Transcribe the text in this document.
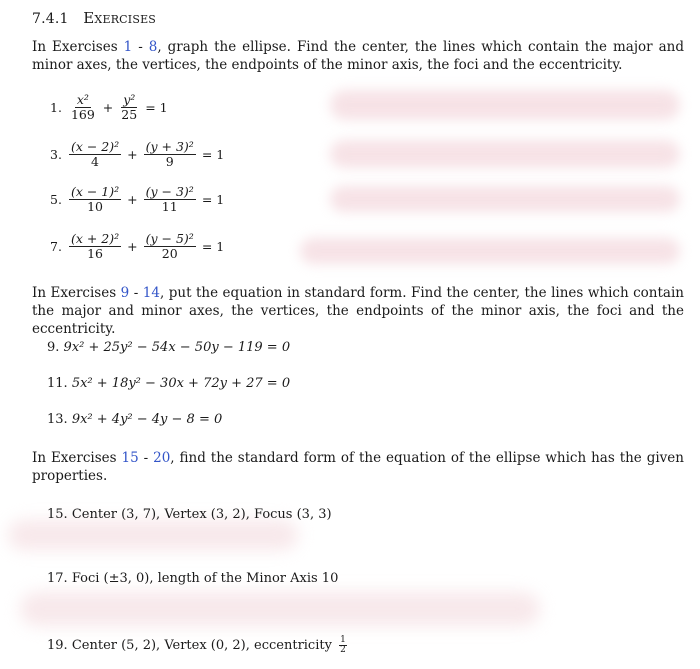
7.4.1 Exercises
In Exercises 1 - 8, graph the ellipse. Find the center, the lines which contain the major and minor axes, the vertices, the endpoints of the minor axis, the foci and the eccentricity.
1. $\frac{\text{x²}}{169} + \frac{\text{y²}}{25} = 1$
3. $\frac{\text{(x − 2)²}}{4} + \frac{\text{(y + 3)²}}{9} = 1$
5. $\frac{\text{(x − 1)²}}{10} + \frac{\text{(y − 3)²}}{11} = 1$
7. $\frac{\text{(x + 2)²}}{16} + \frac{\text{(y − 5)²}}{20} = 1$
In Exercises 9 - 14, put the equation in standard form. Find the center, the lines which contain the major and minor axes, the vertices, the endpoints of the minor axis, the foci and the eccentricity.
9. 9x² + 25y² − 54x − 50y − 119 = 0
11. 5x² + 18y² − 30x + 72y + 27 = 0
13. 9x² + 4y² − 4y − 8 = 0
In Exercises 15 - 20, find the standard form of the equation of the ellipse which has the given properties.
15. Center (3, 7), Vertex (3, 2), Focus (3, 3)
17. Foci (±3, 0), length of the Minor Axis 10
19. Center (5, 2), Vertex (0, 2), eccentricity $\frac{1}{2}$
